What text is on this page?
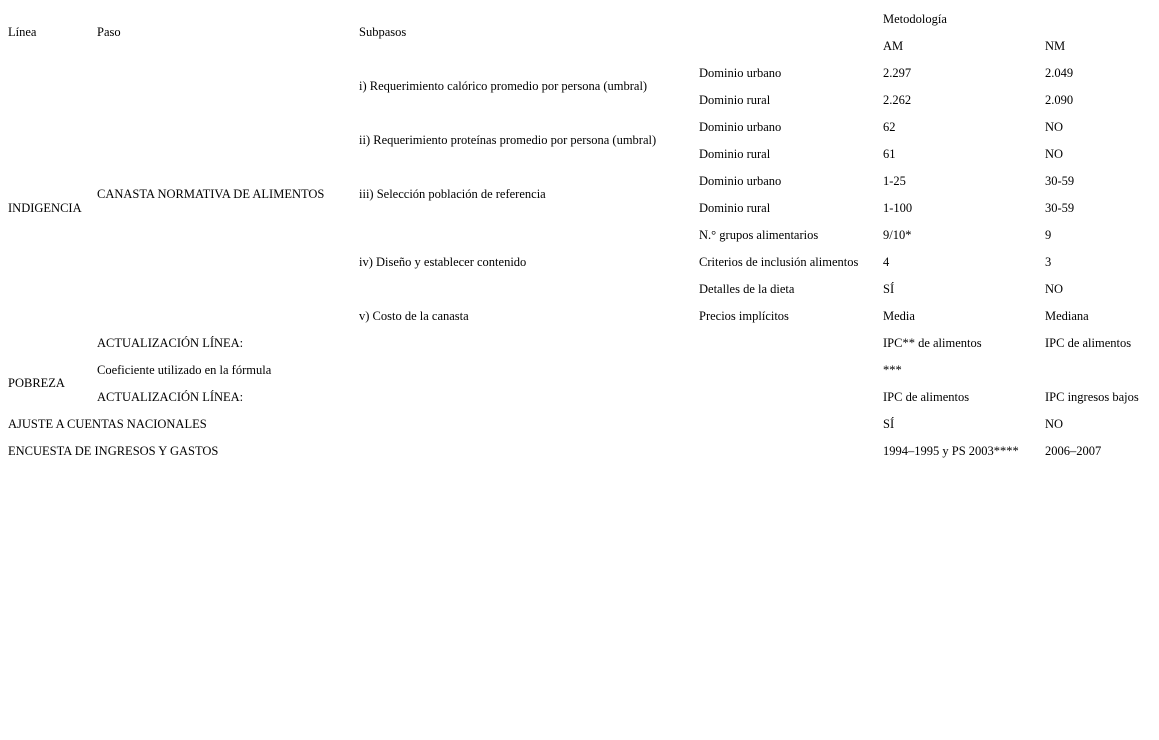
Línea	Paso	Subpasos		Metodología	
				AM	NM
INDIGENCIA	CANASTA NORMATIVA DE ALIMENTOS	i) Requerimiento calórico promedio por persona (umbral)	Dominio urbano	2.297	2.049
			Dominio rural	2.262	2.090
		ii) Requerimiento proteínas promedio por persona (umbral)	Dominio urbano	62	NO
			Dominio rural	61	NO
		iii) Selección población de referencia	Dominio urbano	1-25	30-59
			Dominio rural	1-100	30-59
		iv) Diseño y establecer contenido	N.° grupos alimentarios	9/10*	9
			Criterios de inclusión alimentos	4	3
			Detalles de la dieta	SÍ	NO
		v) Costo de la canasta	Precios implícitos	Media	Mediana
	ACTUALIZACIÓN LÍNEA:			IPC** de alimentos	IPC de alimentos
POBREZA	Coeficiente utilizado en la fórmula			***	
	ACTUALIZACIÓN LÍNEA:			IPC de alimentos	IPC ingresos bajos
AJUSTE A CUENTAS NACIONALES				SÍ	NO
ENCUESTA DE INGRESOS Y GASTOS				1994–1995 y PS 2003****	2006–2007
